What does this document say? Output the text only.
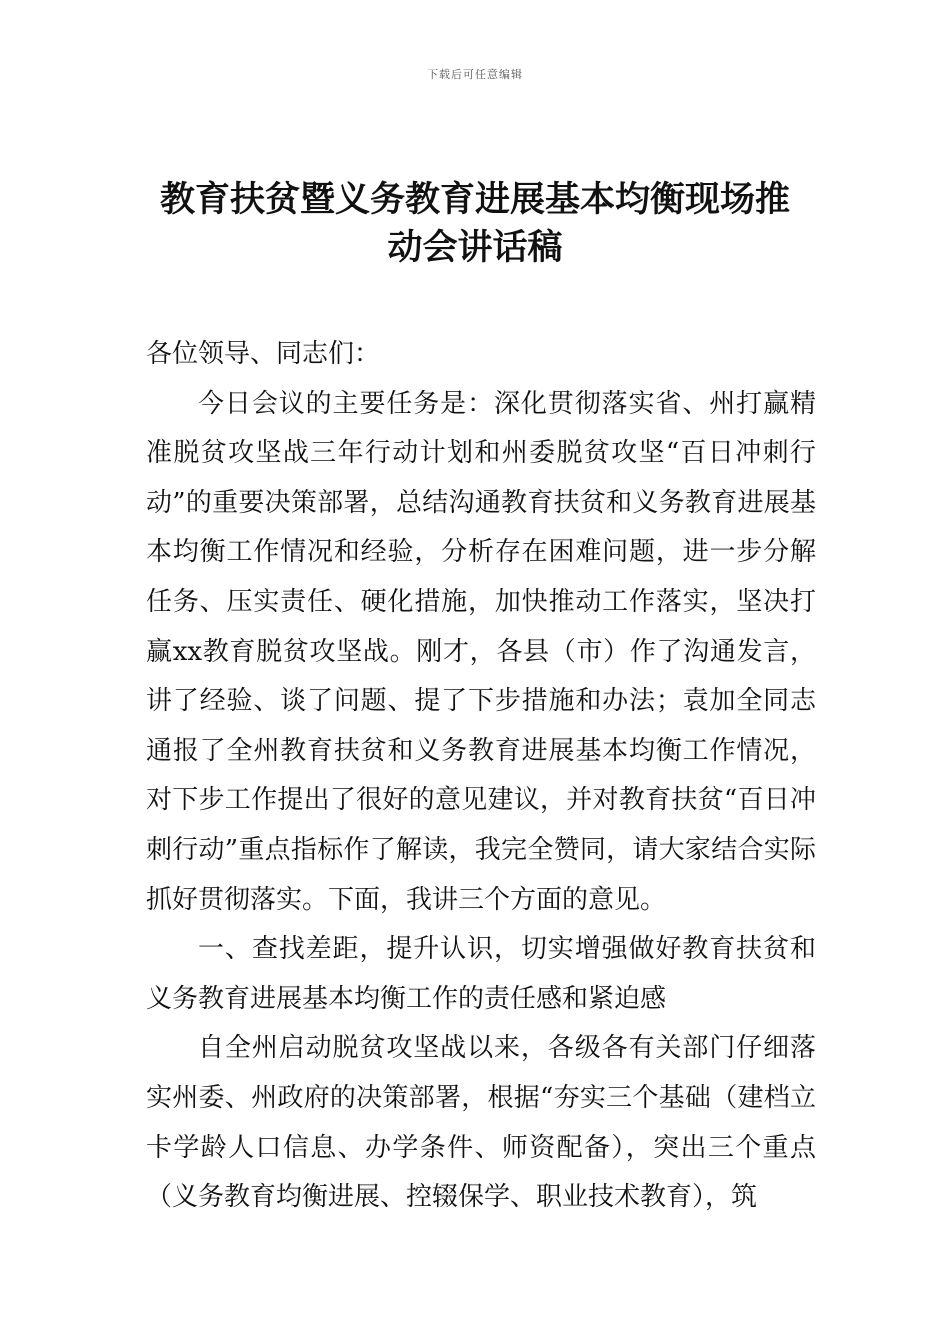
下载后可任意编辑
教育扶贫暨义务教育进展基本均衡现场推
动会讲话稿

各位领导、同志们：

今日会议的主要任务是：深化贯彻落实省、州打赢精准脱贫攻坚战三年行动计划和州委脱贫攻坚“百日冲刺行动”的重要决策部署，总结沟通教育扶贫和义务教育进展基本均衡工作情况和经验，分析存在困难问题，进一步分解任务、压实责任、硬化措施，加快推动工作落实，坚决打赢xx教育脱贫攻坚战。刚才，各县（市）作了沟通发言，讲了经验、谈了问题、提了下步措施和办法；袁加全同志通报了全州教育扶贫和义务教育进展基本均衡工作情况，对下步工作提出了很好的意见建议，并对教育扶贫“百日冲刺行动”重点指标作了解读，我完全赞同，请大家结合实际抓好贯彻落实。下面，我讲三个方面的意见。

一、查找差距，提升认识，切实增强做好教育扶贫和义务教育进展基本均衡工作的责任感和紧迫感

自全州启动脱贫攻坚战以来，各级各有关部门仔细落实州委、州政府的决策部署，根据“夯实三个基础（建档立卡学龄人口信息、办学条件、师资配备），突出三个重点（义务教育均衡进展、控辍保学、职业技术教育），筑
